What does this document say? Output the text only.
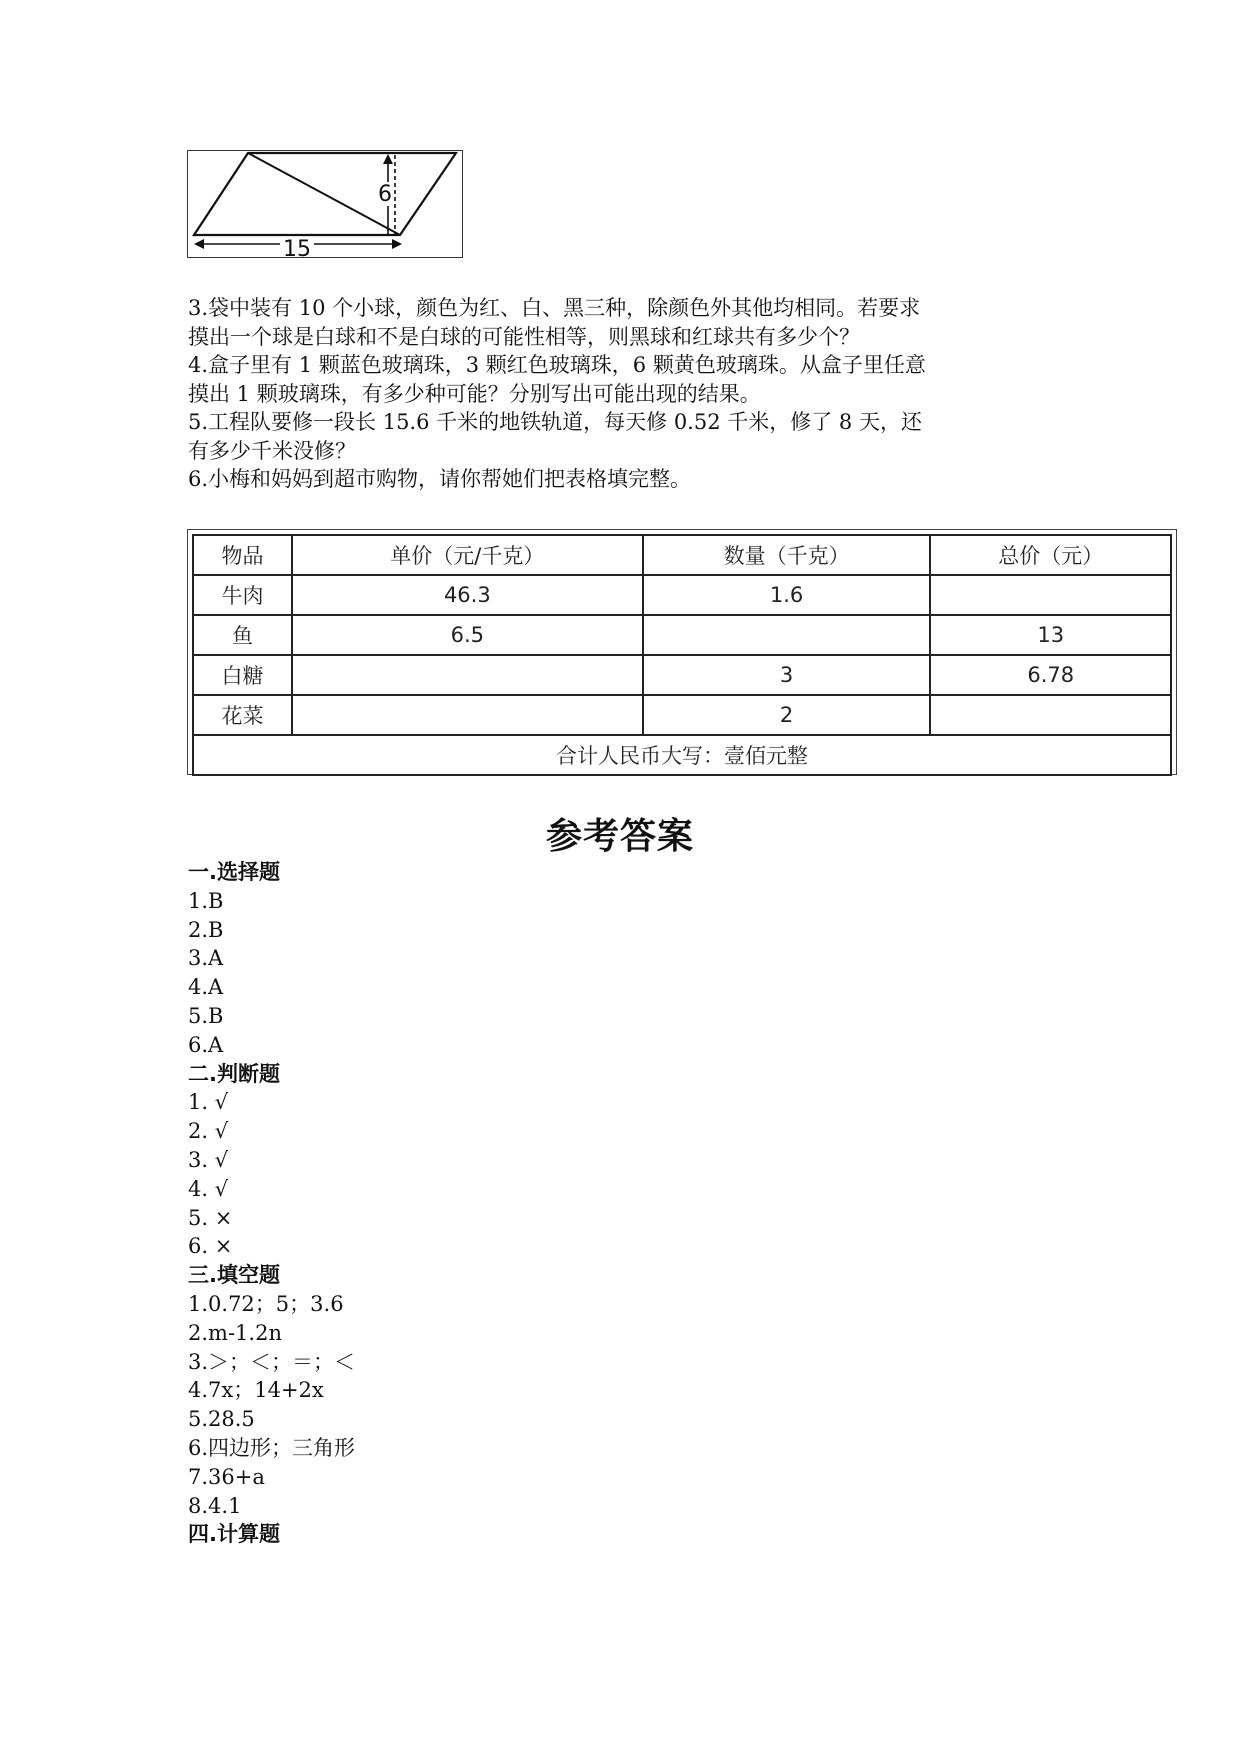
15
6

3.袋中装有 10 个小球，颜色为红、白、黑三种，除颜色外其他均相同。若要求

摸出一个球是白球和不是白球的可能性相等，则黑球和红球共有多少个？

4.盒子里有 1 颗蓝色玻璃珠，3 颗红色玻璃珠，6 颗黄色玻璃珠。从盒子里任意

摸出 1 颗玻璃珠，有多少种可能？分别写出可能出现的结果。

5.工程队要修一段长 15.6 千米的地铁轨道，每天修 0.52 千米，修了 8 天，还

有多少千米没修？

6.小梅和妈妈到超市购物，请你帮她们把表格填完整。

物品	单价（元/千克）	数量（千克）	总价（元）
牛肉	46.3	1.6	
鱼	6.5		13
白糖		3	6.78
花菜		2	
合计人民币大写：壹佰元整			
参考答案
一.选择题
1.B
2.B
3.A
4.A
5.B
6.A
二.判断题
1. √
2. √
3. √
4. √
5. ×
6. ×
三.填空题
1.0.72；5；3.6
2.m-1.2n
3.＞；＜；＝；＜
4.7x；14+2x
5.28.5
6.四边形；三角形
7.36+a
8.4.1
四.计算题
